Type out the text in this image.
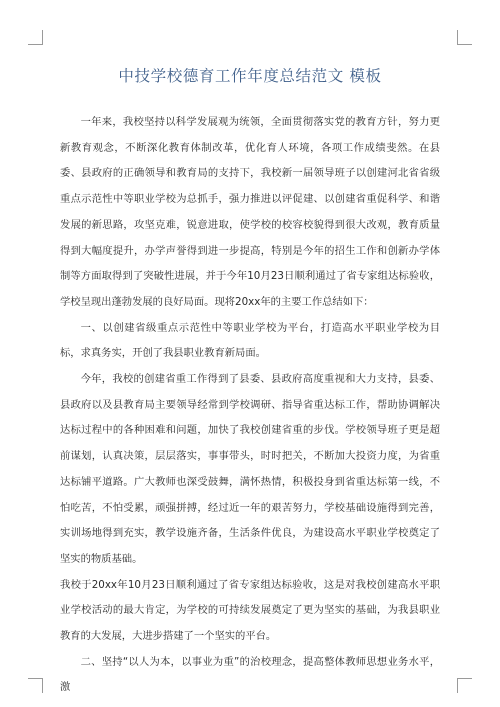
中技学校德育工作年度总结范文 模板

一年来，我校坚持以科学发展观为统领，全面贯彻落实党的教育方针，努力更新教育观念，不断深化教育体制改革，优化育人环境，各项工作成绩斐然。在县委、县政府的正确领导和教育局的支持下，我校新一届领导班子以创建河北省省级重点示范性中等职业学校为总抓手，强力推进以评促建、以创建省重促科学、和谐发展的新思路，攻坚克难，锐意进取，使学校的校容校貌得到很大改观，教育质量得到大幅度提升，办学声誉得到进一步提高，特别是今年的招生工作和创新办学体制等方面取得到了突破性进展，并于今年10月23日顺利通过了省专家组达标验收，学校呈现出蓬勃发展的良好局面。现将20xx年的主要工作总结如下：

一、以创建省级重点示范性中等职业学校为平台，打造高水平职业学校为目标，求真务实，开创了我县职业教育新局面。

今年，我校的创建省重工作得到了县委、县政府高度重视和大力支持，县委、县政府以及县教育局主要领导经常到学校调研、指导省重达标工作，帮助协调解决达标过程中的各种困难和问题，加快了我校创建省重的步伐。学校领导班子更是超前谋划，认真决策，层层落实，事事带头，时时把关，不断加大投资力度，为省重达标铺平道路。广大教师也深受鼓舞，满怀热情，积极投身到省重达标第一线，不怕吃苦，不怕受累，顽强拼搏，经过近一年的艰苦努力，学校基础设施得到完善，实训场地得到充实，教学设施齐备，生活条件优良，为建设高水平职业学校奠定了坚实的物质基础。

我校于20xx年10月23日顺利通过了省专家组达标验收，这是对我校创建高水平职业学校活动的最大肯定，为学校的可持续发展奠定了更为坚实的基础，为我县职业教育的大发展，大进步搭建了一个坚实的平台。

二、坚持“以人为本，以事业为重”的治校理念，提高整体教师思想业务水平，激
